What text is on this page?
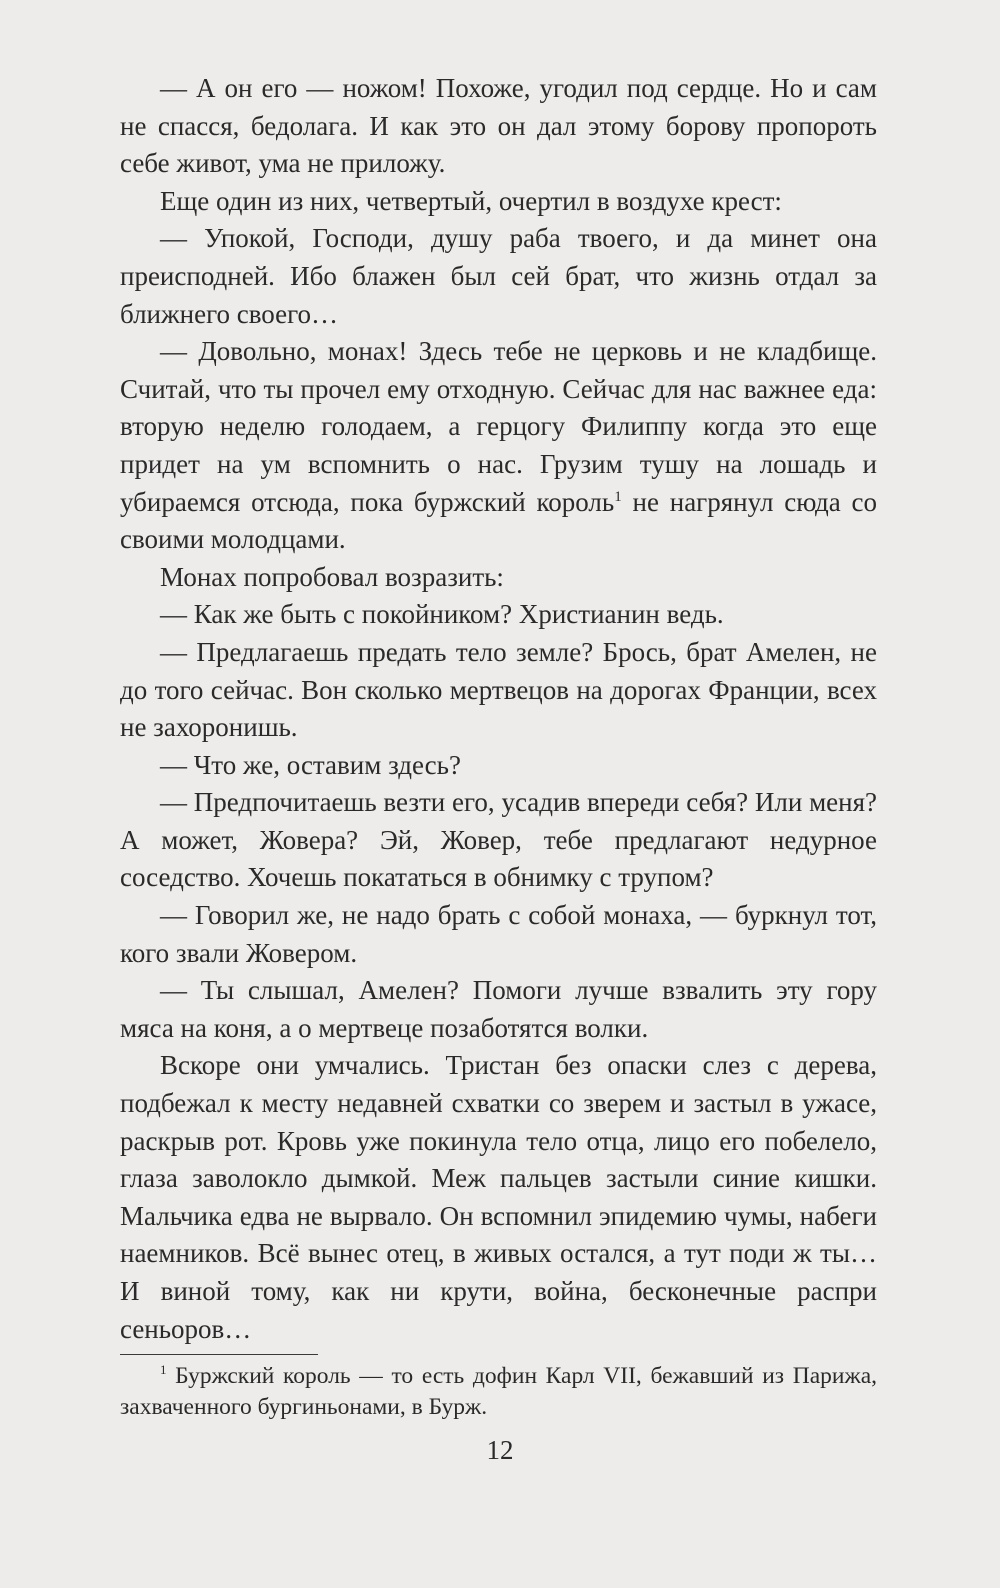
— А он его — ножом! Похоже, угодил под сердце. Но и сам не спасся, бедолага. И как это он дал этому борову пропороть себе живот, ума не приложу.

Еще один из них, четвертый, очертил в воздухе крест:

— Упокой, Господи, душу раба твоего, и да минет она преисподней. Ибо блажен был сей брат, что жизнь отдал за ближнего своего…

— Довольно, монах! Здесь тебе не церковь и не кладбище. Считай, что ты прочел ему отходную. Сейчас для нас важнее еда: вторую неделю голодаем, а герцогу Филиппу когда это еще придет на ум вспомнить о нас. Грузим тушу на лошадь и убираемся отсюда, пока буржский король$^1$ не нагрянул сюда со своими молодцами.

Монах попробовал возразить:

— Как же быть с покойником? Христианин ведь.

— Предлагаешь предать тело земле? Брось, брат Амелен, не до того сейчас. Вон сколько мертвецов на дорогах Франции, всех не захоронишь.

— Что же, оставим здесь?

— Предпочитаешь везти его, усадив впереди себя? Или меня? А может, Жовера? Эй, Жовер, тебе предлагают недурное соседство. Хочешь покататься в обнимку с трупом?

— Говорил же, не надо брать с собой монаха, — буркнул тот, кого звали Жовером.

— Ты слышал, Амелен? Помоги лучше взвалить эту гору мяса на коня, а о мертвеце позаботятся волки.

Вскоре они умчались. Тристан без опаски слез с дерева, подбежал к месту недавней схватки со зверем и застыл в ужасе, раскрыв рот. Кровь уже покинула тело отца, лицо его побелело, глаза заволокло дымкой. Меж пальцев застыли синие кишки. Мальчика едва не вырвало. Он вспомнил эпидемию чумы, набеги наемников. Всё вынес отец, в живых остался, а тут поди ж ты… И виной тому, как ни крути, война, бесконечные распри сеньоров…

$^1$ Буржский король — то есть дофин Карл VII, бежавший из Парижа, захваченного бургиньонами, в Бурж.

12
